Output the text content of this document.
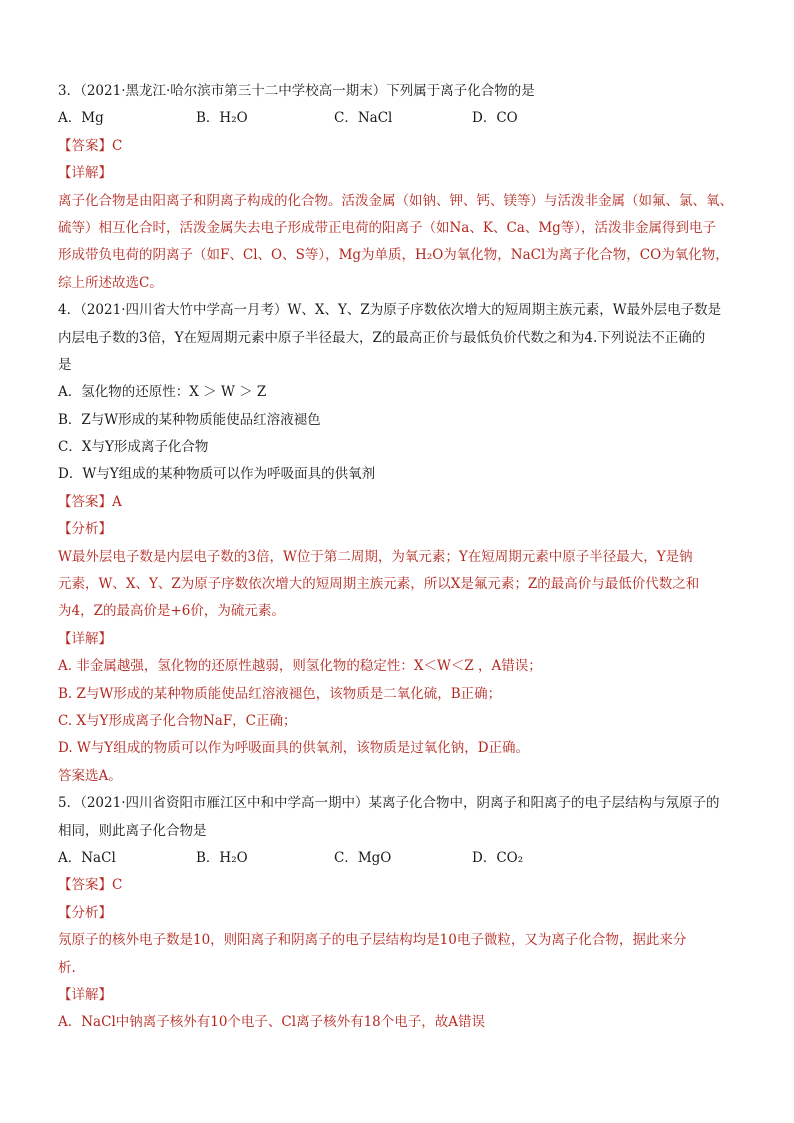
3．（2021·黑龙江·哈尔滨市第三十二中学校高一期末）下列属于离子化合物的是
A．Mg	B．H₂O	C．NaCl	D．CO
【答案】C
【详解】
离子化合物是由阳离子和阴离子构成的化合物。活泼金属（如钠、钾、钙、镁等）与活泼非金属（如氟、氯、氧、
硫等）相互化合时，活泼金属失去电子形成带正电荷的阳离子（如Na、K、Ca、Mg等），活泼非金属得到电子
形成带负电荷的阴离子（如F、Cl、O、S等），Mg为单质，H₂O为氧化物，NaCl为离子化合物，CO为氧化物，
综上所述故选C。
4．（2021·四川省大竹中学高一月考）W、X、Y、Z为原子序数依次增大的短周期主族元素，W最外层电子数是
内层电子数的3倍，Y在短周期元素中原子半径最大，Z的最高正价与最低负价代数之和为4.下列说法不正确的
是
A．氢化物的还原性：X ＞ W ＞ Z
B．Z与W形成的某种物质能使品红溶液褪色
C．X与Y形成离子化合物
D．W与Y组成的某种物质可以作为呼吸面具的供氧剂
【答案】A
【分析】
W最外层电子数是内层电子数的3倍，W位于第二周期，为氧元素；Y在短周期元素中原子半径最大，Y是钠
元素，W、X、Y、Z为原子序数依次增大的短周期主族元素，所以X是氟元素；Z的最高价与最低价代数之和
为4，Z的最高价是+6价，为硫元素。
【详解】
A. 非金属越强，氢化物的还原性越弱，则氢化物的稳定性：X＜W＜Z ，A错误；
B. Z与W形成的某种物质能使品红溶液褪色，该物质是二氧化硫，B正确；
C. X与Y形成离子化合物NaF，C正确；
D. W与Y组成的物质可以作为呼吸面具的供氧剂，该物质是过氧化钠，D正确。
答案选A。
5．（2021·四川省资阳市雁江区中和中学高一期中）某离子化合物中，阴离子和阳离子的电子层结构与氖原子的
相同，则此离子化合物是
A．NaCl	B．H₂O	C．MgO	D．CO₂
【答案】C
【分析】
氖原子的核外电子数是10，则阳离子和阴离子的电子层结构均是10电子微粒，又为离子化合物，据此来分
析.
【详解】
A．NaCl中钠离子核外有10个电子、Cl离子核外有18个电子，故A错误
